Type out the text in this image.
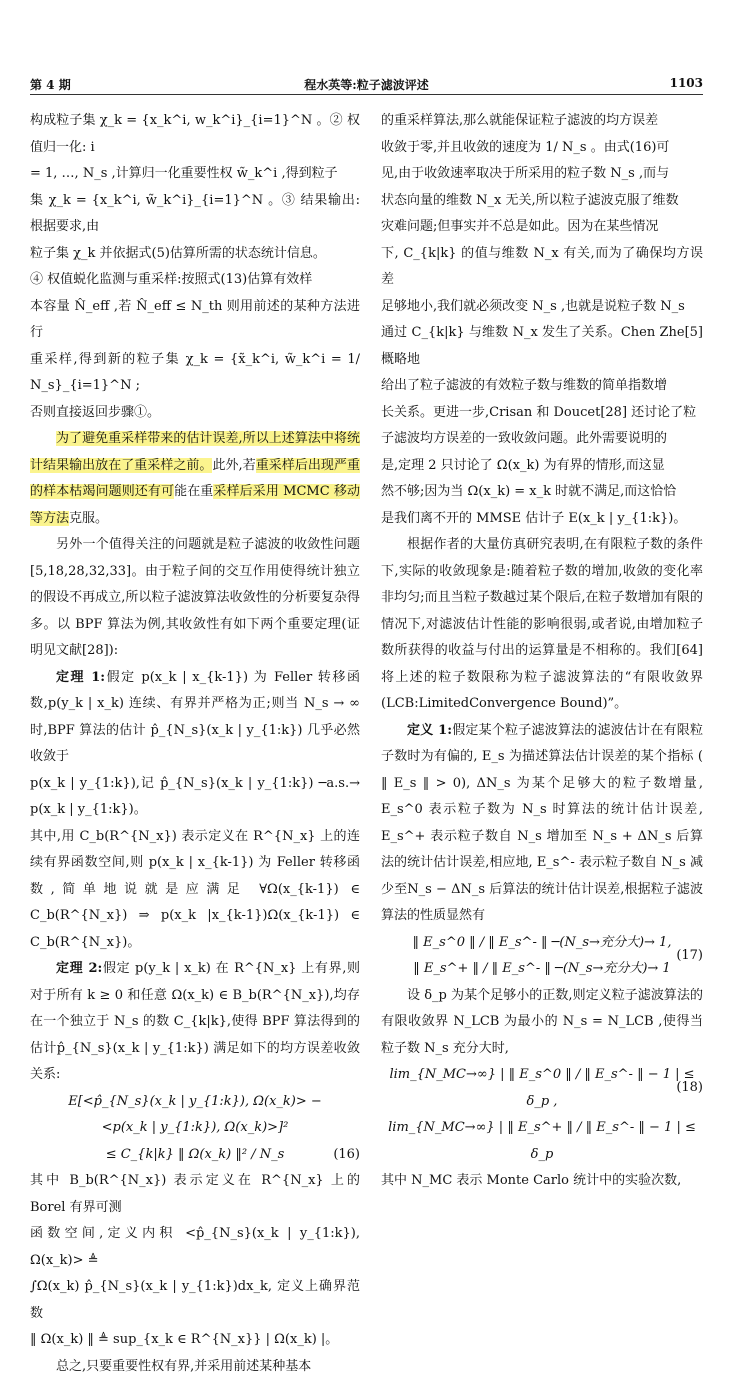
第 4 期	程水英等:粒子滤波评述	1103

构成粒子集 χ_k = {x_k^i, w_k^i}_{i=1}^N 。② 权值归一化: i
= 1, …, N_s ,计算归一化重要性权 w̃_k^i ,得到粒子
集 χ_k = {x_k^i, w̃_k^i}_{i=1}^N 。③ 结果输出:根据要求,由
粒子集 χ_k 并依据式(5)估算所需的状态统计信息。
④ 权值蜕化监测与重采样:按照式(13)估算有效样
本容量 N̂_eff ,若 N̂_eff ≤ N_th 则用前述的某种方法进行
重采样,得到新的粒子集 χ_k = {x̃_k^i, w̃_k^i = 1/ N_s}_{i=1}^N ;
否则直接返回步骤①。

为了避免重采样带来的估计误差,所以上述算法中将统计结果输出放在了重采样之前。此外,若重采样后出现严重的样本枯竭问题则还有可能在重采样后采用 MCMC 移动等方法克服。

另外一个值得关注的问题就是粒子滤波的收敛性问题[5,18,28,32,33]。由于粒子间的交互作用使得统计独立的假设不再成立,所以粒子滤波算法收敛性的分析要复杂得多。以 BPF 算法为例,其收敛性有如下两个重要定理(证明见文献[28]):

定理 1:假定 p(x_k | x_{k-1}) 为 Feller 转移函数,p(y_k | x_k) 连续、有界并严格为正;则当 N_s → ∞ 时,BPF 算法的估计 p̂_{N_s}(x_k | y_{1:k}) 几乎必然收敛于
p(x_k | y_{1:k}),记 p̂_{N_s}(x_k | y_{1:k}) ─a.s.→ p(x_k | y_{1:k})。
其中,用 C_b(R^{N_x}) 表示定义在 R^{N_x} 上的连续有界函数空间,则 p(x_k | x_{k-1}) 为 Feller 转移函数,简单地说就是应满足 ∀Ω(x_{k-1}) ∈ C_b(R^{N_x}) ⇒ p(x_k |x_{k-1})Ω(x_{k-1}) ∈ C_b(R^{N_x})。

定理 2:假定 p(y_k | x_k) 在 R^{N_x} 上有界,则对于所有 k ≥ 0 和任意 Ω(x_k) ∈ B_b(R^{N_x}),均存在一个独立于 N_s 的数 C_{k|k},使得 BPF 算法得到的估计p̂_{N_s}(x_k | y_{1:k}) 满足如下的均方误差收敛关系:

E[<p̂_{N_s}(x_k | y_{1:k}), Ω(x_k)> −
<p(x_k | y_{1:k}), Ω(x_k)>]²
≤ C_{k|k} ‖ Ω(x_k) ‖² / N_s	(16)

其中 B_b(R^{N_x}) 表示定义在 R^{N_x} 上的 Borel 有界可测
函数空间,定义内积 <p̂_{N_s}(x_k | y_{1:k}), Ω(x_k)> ≜
∫Ω(x_k) p̂_{N_s}(x_k | y_{1:k})dx_k, 定义上确界范数
‖ Ω(x_k) ‖ ≜ sup_{x_k ∈ R^{N_x}} | Ω(x_k) |。

总之,只要重要性权有界,并采用前述某种基本

的重采样算法,那么就能保证粒子滤波的均方误差
收敛于零,并且收敛的速度为 1/ N_s 。由式(16)可
见,由于收敛速率取决于所采用的粒子数 N_s ,而与
状态向量的维数 N_x 无关,所以粒子滤波克服了维数
灾难问题;但事实并不总是如此。因为在某些情况
下, C_{k|k} 的值与维数 N_x 有关,而为了确保均方误差
足够地小,我们就必须改变 N_s ,也就是说粒子数 N_s
通过 C_{k|k} 与维数 N_x 发生了关系。Chen Zhe[5] 概略地
给出了粒子滤波的有效粒子数与维数的简单指数增
长关系。更进一步,Crisan 和 Doucet[28] 还讨论了粒
子滤波均方误差的一致收敛问题。此外需要说明的
是,定理 2 只讨论了 Ω(x_k) 为有界的情形,而这显
然不够;因为当 Ω(x_k) = x_k 时就不满足,而这恰恰
是我们离不开的 MMSE 估计子 E(x_k | y_{1:k})。

根据作者的大量仿真研究表明,在有限粒子数的条件下,实际的收敛现象是:随着粒子数的增加,收敛的变化率非均匀;而且当粒子数越过某个限后,在粒子数增加有限的情况下,对滤波估计性能的影响很弱,或者说,由增加粒子数所获得的收益与付出的运算量是不相称的。我们[64] 将上述的粒子数限称为粒子滤波算法的“有限收敛界(LCB:LimitedConvergence Bound)”。

定义 1:假定某个粒子滤波算法的滤波估计在有限粒子数时为有偏的, E_s 为描述算法估计误差的某个指标 ( ‖ E_s ‖ > 0), ΔN_s 为某个足够大的粒子数增量, E_s^0 表示粒子数为 N_s 时算法的统计估计误差, E_s^+ 表示粒子数自 N_s 增加至 N_s + ΔN_s 后算法的统计估计误差,相应地, E_s^- 表示粒子数自 N_s 减少至N_s − ΔN_s 后算法的统计估计误差,根据粒子滤波算法的性质显然有

‖ E_s^0 ‖ / ‖ E_s^- ‖ ─(N_s→充分大)→ 1,
‖ E_s^+ ‖ / ‖ E_s^- ‖ ─(N_s→充分大)→ 1
(17)

设 δ_p 为某个足够小的正数,则定义粒子滤波算法的有限收敛界 N_LCB 为最小的 N_s = N_LCB ,使得当粒子数 N_s 充分大时,

lim_{N_MC→∞} | ‖ E_s^0 ‖ / ‖ E_s^- ‖ − 1 | ≤ δ_p ,
lim_{N_MC→∞} | ‖ E_s^+ ‖ / ‖ E_s^- ‖ − 1 | ≤ δ_p
(18)

其中 N_MC 表示 Monte Carlo 统计中的实验次数,
